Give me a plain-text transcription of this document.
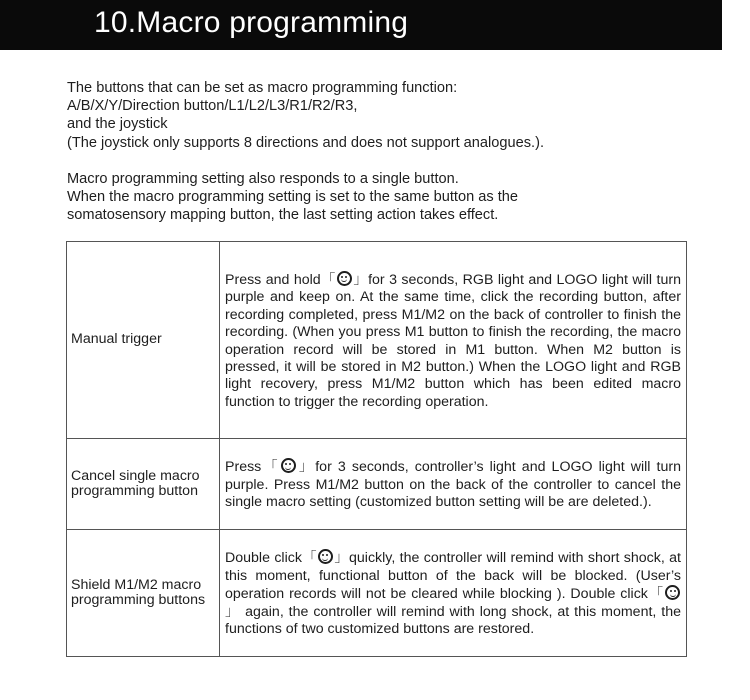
10.Macro programming
The buttons that can be set as macro programming function:
A/B/X/Y/Direction button/L1/L2/L3/R1/R2/R3,
and the joystick
(The joystick only supports 8 directions and does not support analogues.).
Macro programming setting also responds to a single button.
When the macro programming setting is set to the same button as the
somatosensory mapping button, the last setting action takes effect.
Manual trigger	Press and hold「 」for 3 seconds, RGB light and LOGO light will turn purple and keep on. At the same time, click the recording button, after recording completed, press M1/M2 on the back of controller to finish the recording. (When you press M1 button to finish the recording, the macro operation record will be stored in M1 button. When M2 button is pressed, it will be stored in M2 button.) When the LOGO light and RGB light recovery, press M1/M2 button which has been edited macro function to trigger the recording operation.
Cancel single macro programming button	Press「 」for 3 seconds, controller’s light and LOGO light will turn purple. Press M1/M2 button on the back of the controller to cancel the single macro setting (customized button setting will be are deleted.).
Shield M1/M2 macro programming buttons	Double click「 」quickly, the controller will remind with short shock, at this moment, functional button of the back will be blocked. (User’s operation records will not be cleared while blocking ). Double click「」 again, the controller will remind with long shock, at this moment, the functions of two customized buttons are restored.
